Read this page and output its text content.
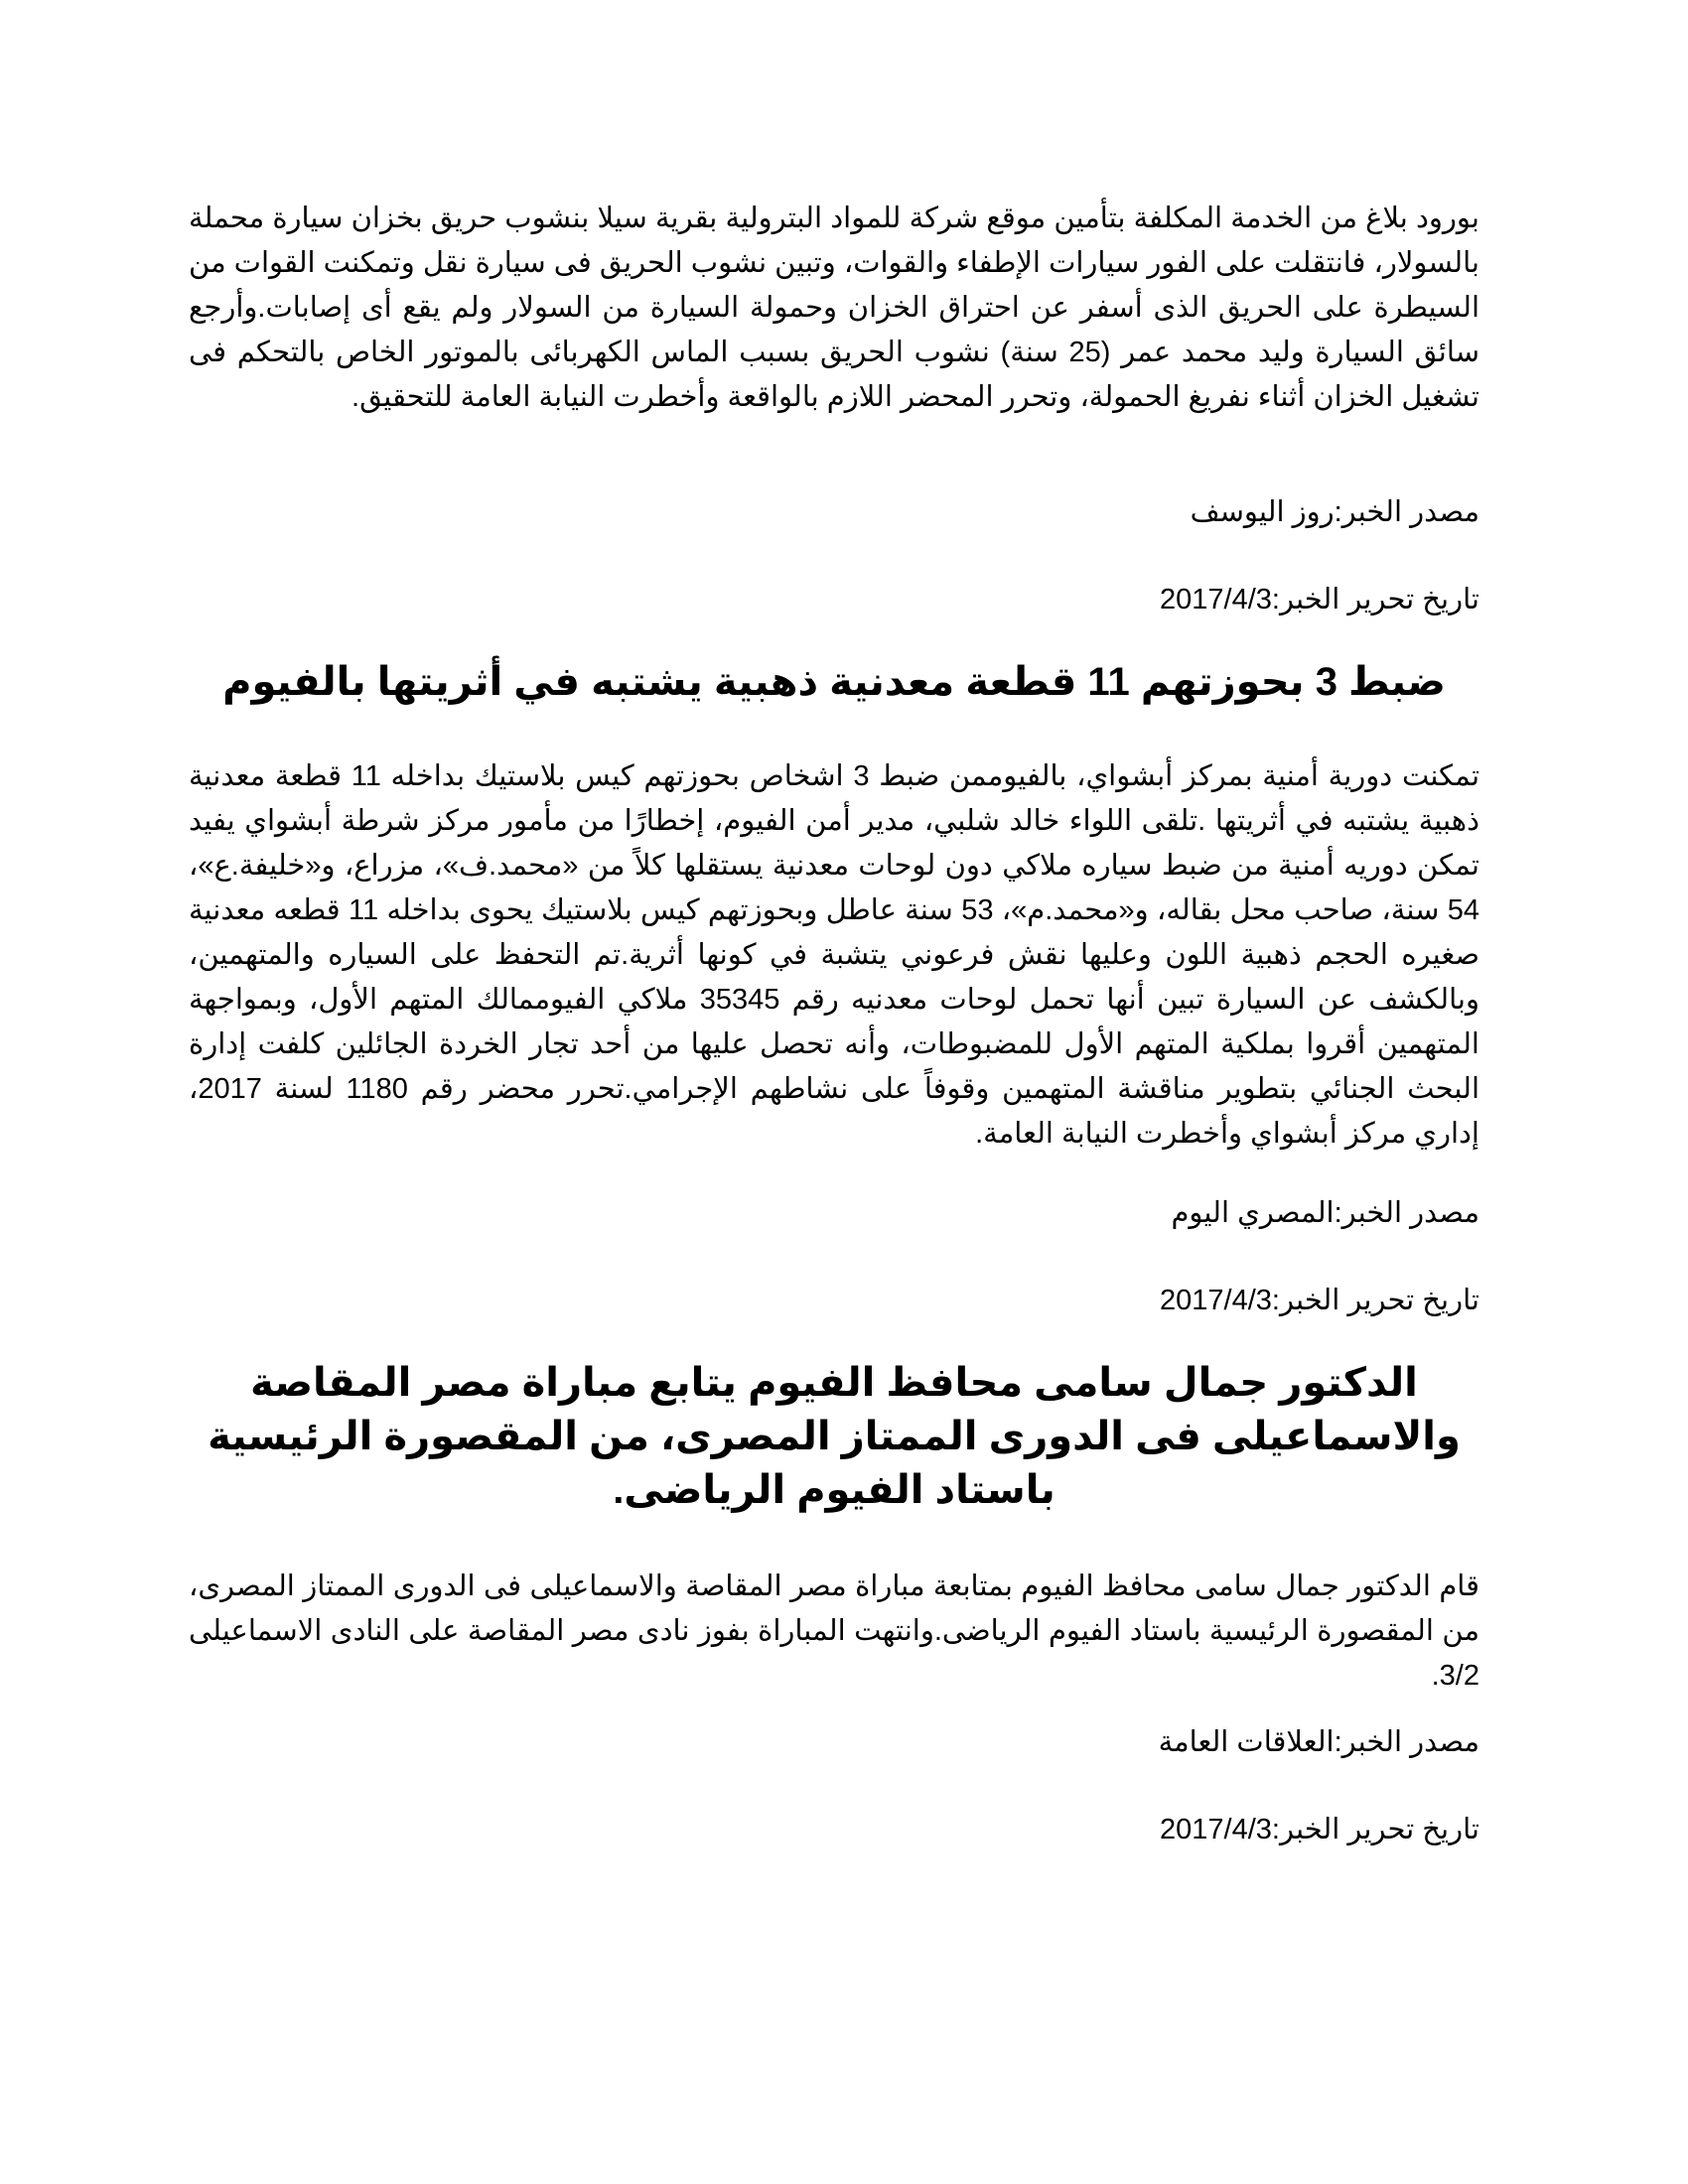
بورود بلاغ من الخدمة المكلفة بتأمين موقع شركة للمواد البترولية بقرية سيلا بنشوب حريق بخزان سيارة محملة بالسولار، فانتقلت على الفور سيارات الإطفاء والقوات، وتبين نشوب الحريق فى سيارة نقل وتمكنت القوات من السيطرة على الحريق الذى أسفر عن احتراق الخزان وحمولة السيارة من السولار ولم يقع أى إصابات.وأرجع سائق السيارة وليد محمد عمر (25 سنة) نشوب الحريق بسبب الماس الكهربائى بالموتور الخاص بالتحكم فى تشغيل الخزان أثناء نفريغ الحمولة، وتحرر المحضر اللازم بالواقعة وأخطرت النيابة العامة للتحقيق.

مصدر الخبر:روز اليوسف

تاريخ تحرير الخبر:2017/4/3

ضبط 3 بحوزتهم 11 قطعة معدنية ذهبية يشتبه في أثريتها بالفيوم

تمكنت دورية أمنية بمركز أبشواي، بالفيوممن ضبط 3 اشخاص بحوزتهم كيس بلاستيك بداخله 11 قطعة معدنية ذهبية يشتبه في أثريتها .تلقى اللواء خالد شلبي، مدير أمن الفيوم، إخطارًا من مأمور مركز شرطة أبشواي يفيد تمكن دوريه أمنية من ضبط سياره ملاكي دون لوحات معدنية يستقلها كلاً من «محمد.ف»، مزراع، و«خليفة.ع»، 54 سنة، صاحب محل بقاله، و«محمد.م»، 53 سنة عاطل وبحوزتهم كيس بلاستيك يحوى بداخله 11 قطعه معدنية صغيره الحجم ذهبية اللون وعليها نقش فرعوني يتشبة في كونها أثرية.تم التحفظ على السياره والمتهمين، وبالكشف عن السيارة تبين أنها تحمل لوحات معدنيه رقم 35345 ملاكي الفيوممالك المتهم الأول، وبمواجهة المتهمين أقروا بملكية المتهم الأول للمضبوطات، وأنه تحصل عليها من أحد تجار الخردة الجائلين كلفت إدارة البحث الجنائي بتطوير مناقشة المتهمين وقوفاً على نشاطهم الإجرامي.تحرر محضر رقم 1180 لسنة 2017، إداري مركز أبشواي وأخطرت النيابة العامة.

مصدر الخبر:المصري اليوم

تاريخ تحرير الخبر:2017/4/3

الدكتور جمال سامى محافظ الفيوم يتابع مباراة مصر المقاصة والاسماعيلى فى الدورى الممتاز المصرى، من المقصورة الرئيسية باستاد الفيوم الرياضى.

قام الدكتور جمال سامى محافظ الفيوم بمتابعة مباراة مصر المقاصة والاسماعيلى فى الدورى الممتاز المصرى، من المقصورة الرئيسية باستاد الفيوم الرياضى.وانتهت المباراة بفوز نادى مصر المقاصة على النادى الاسماعيلى 3/2.

مصدر الخبر:العلاقات العامة

تاريخ تحرير الخبر:2017/4/3
